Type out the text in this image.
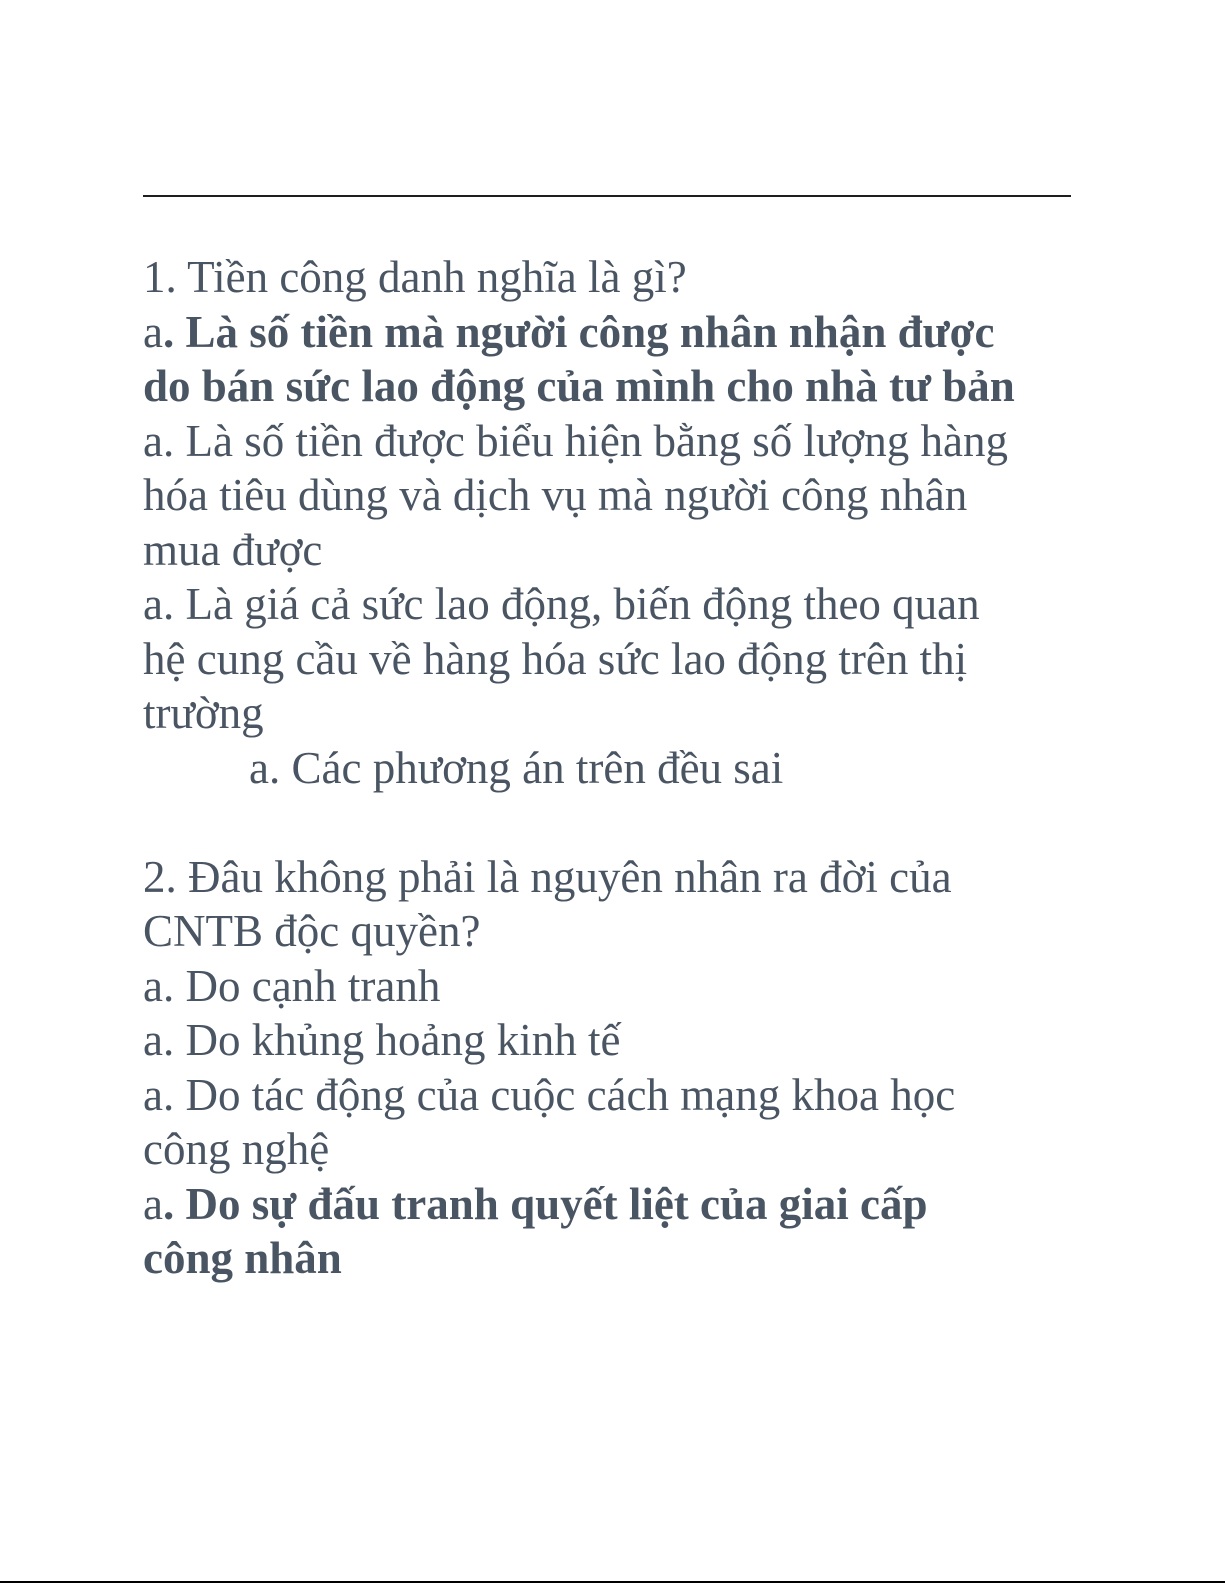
1. Tiền công danh nghĩa là gì?
a. Là số tiền mà người công nhân nhận được
do bán sức lao động của mình cho nhà tư bản
a. Là số tiền được biểu hiện bằng số lượng hàng
hóa tiêu dùng và dịch vụ mà người công nhân
mua được
a. Là giá cả sức lao động, biến động theo quan
hệ cung cầu về hàng hóa sức lao động trên thị
trường
a. Các phương án trên đều sai
2. Đâu không phải là nguyên nhân ra đời của
CNTB độc quyền?
a. Do cạnh tranh
a. Do khủng hoảng kinh tế
a. Do tác động của cuộc cách mạng khoa học
công nghệ
a. Do sự đấu tranh quyết liệt của giai cấp
công nhân
